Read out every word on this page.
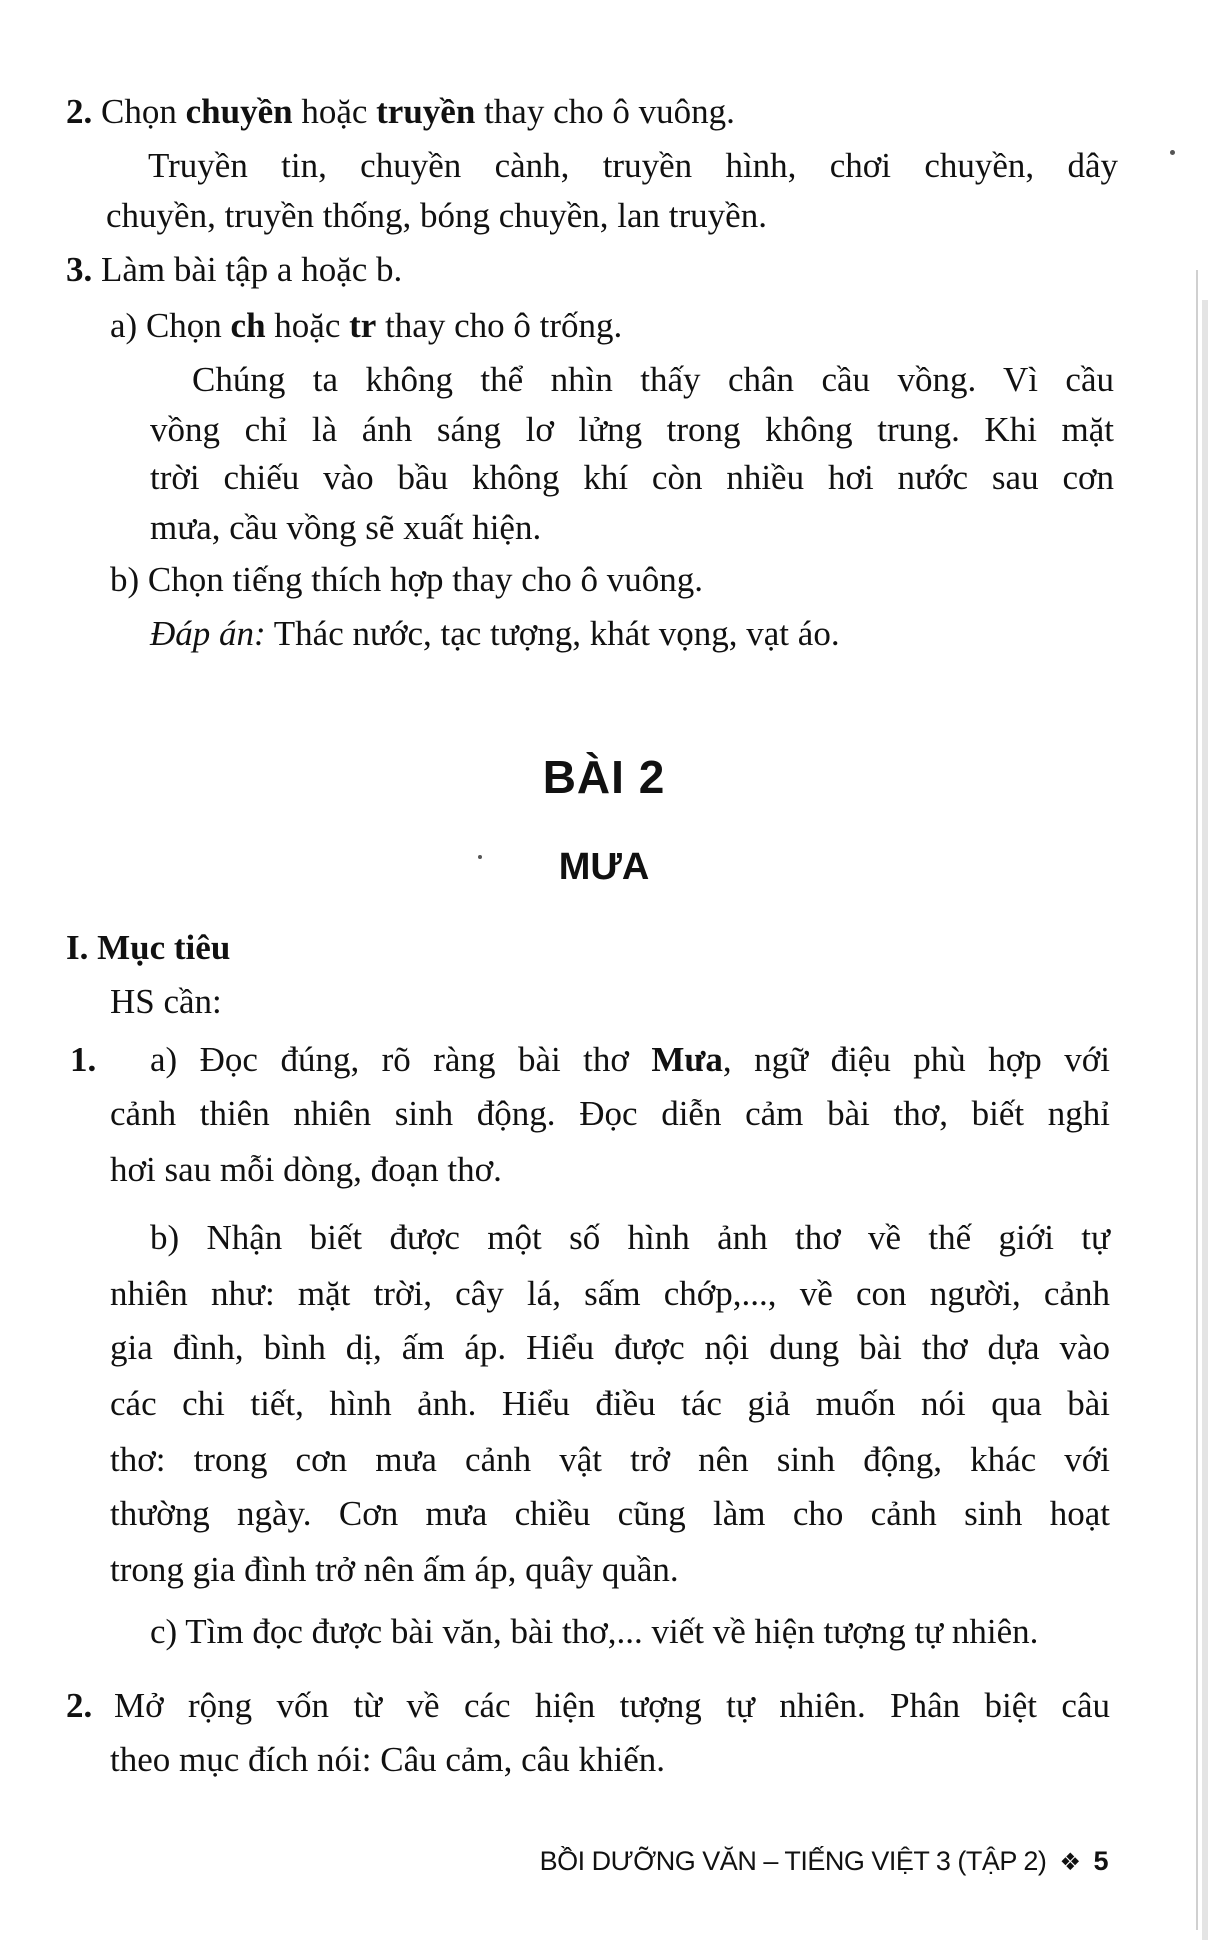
2. Chọn chuyền hoặc truyền thay cho ô vuông.
Truyền tin, chuyền cành, truyền hình, chơi chuyền, dây
chuyền, truyền thống, bóng chuyền, lan truyền.
3. Làm bài tập a hoặc b.
a) Chọn ch hoặc tr thay cho ô trống.
Chúng ta không thể nhìn thấy chân cầu vồng. Vì cầu
vồng chỉ là ánh sáng lơ lửng trong không trung. Khi mặt
trời chiếu vào bầu không khí còn nhiều hơi nước sau cơn
mưa, cầu vồng sẽ xuất hiện.
b) Chọn tiếng thích hợp thay cho ô vuông.
Đáp án: Thác nước, tạc tượng, khát vọng, vạt áo.
BÀI 2
MƯA
I. Mục tiêu
HS cần:
1. a) Đọc đúng, rõ ràng bài thơ Mưa, ngữ điệu phù hợp với
cảnh thiên nhiên sinh động. Đọc diễn cảm bài thơ, biết nghỉ
hơi sau mỗi dòng, đoạn thơ.
b) Nhận biết được một số hình ảnh thơ về thế giới tự
nhiên như: mặt trời, cây lá, sấm chớp,..., về con người, cảnh
gia đình, bình dị, ấm áp. Hiểu được nội dung bài thơ dựa vào
các chi tiết, hình ảnh. Hiểu điều tác giả muốn nói qua bài
thơ: trong cơn mưa cảnh vật trở nên sinh động, khác với
thường ngày. Cơn mưa chiều cũng làm cho cảnh sinh hoạt
trong gia đình trở nên ấm áp, quây quần.
c) Tìm đọc được bài văn, bài thơ,... viết về hiện tượng tự nhiên.
2. Mở rộng vốn từ về các hiện tượng tự nhiên. Phân biệt câu
theo mục đích nói: Câu cảm, câu khiến.
BỒI DƯỠNG VĂN – TIẾNG VIỆT 3 (TẬP 2) ❖ 5
